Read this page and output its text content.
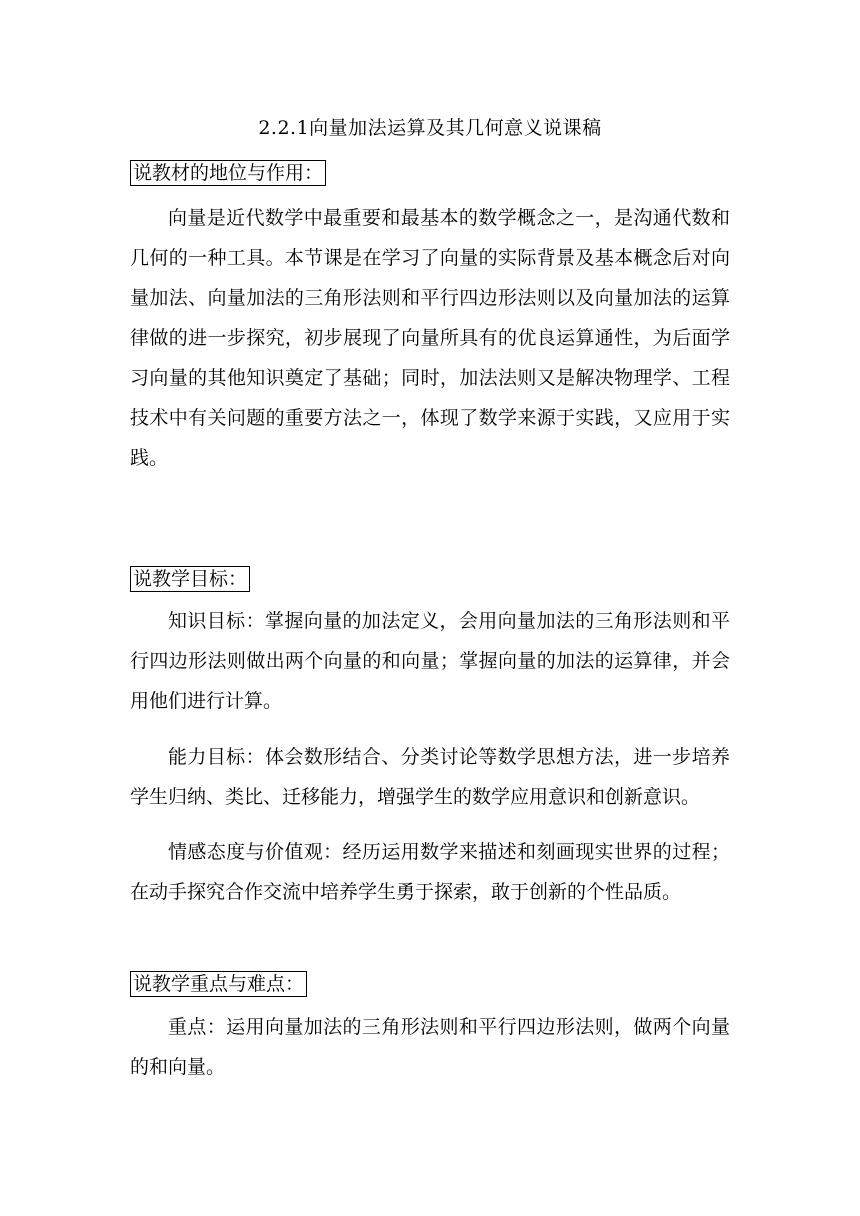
2.2.1向量加法运算及其几何意义说课稿
说教材的地位与作用：

向量是近代数学中最重要和最基本的数学概念之一，是沟通代数和几何的一种工具。本节课是在学习了向量的实际背景及基本概念后对向量加法、向量加法的三角形法则和平行四边形法则以及向量加法的运算律做的进一步探究，初步展现了向量所具有的优良运算通性，为后面学习向量的其他知识奠定了基础；同时，加法法则又是解决物理学、工程技术中有关问题的重要方法之一，体现了数学来源于实践，又应用于实践。

说教学目标：

知识目标：掌握向量的加法定义，会用向量加法的三角形法则和平行四边形法则做出两个向量的和向量；掌握向量的加法的运算律，并会用他们进行计算。

能力目标：体会数形结合、分类讨论等数学思想方法，进一步培养学生归纳、类比、迁移能力，增强学生的数学应用意识和创新意识。

情感态度与价值观：经历运用数学来描述和刻画现实世界的过程；在动手探究合作交流中培养学生勇于探索，敢于创新的个性品质。

说教学重点与难点：

重点：运用向量加法的三角形法则和平行四边形法则，做两个向量的和向量。
